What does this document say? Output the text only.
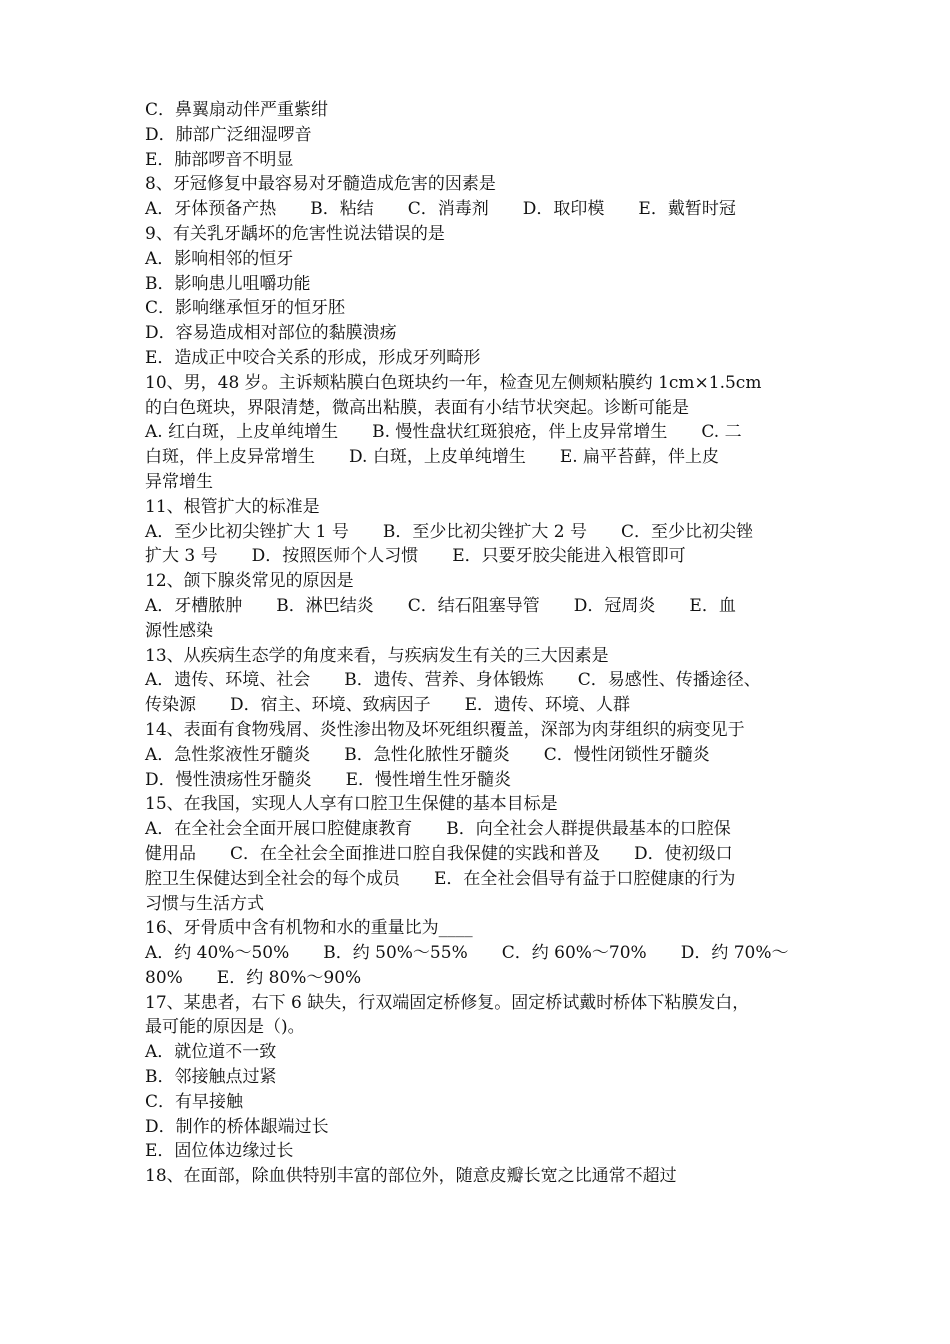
C．鼻翼扇动伴严重紫绀
D．肺部广泛细湿啰音
E．肺部啰音不明显
8、牙冠修复中最容易对牙髓造成危害的因素是
A．牙体预备产热　　B．粘结　　C．消毒剂　　D．取印模　　E．戴暂时冠
9、有关乳牙龋坏的危害性说法错误的是
A．影响相邻的恒牙
B．影响患儿咀嚼功能
C．影响继承恒牙的恒牙胚
D．容易造成相对部位的黏膜溃疡
E．造成正中咬合关系的形成，形成牙列畸形
10、男，48 岁。主诉颊粘膜白色斑块约一年，检查见左侧颊粘膜约 1cm×1.5cm
的白色斑块，界限清楚，微高出粘膜，表面有小结节状突起。诊断可能是
A. 红白斑，上皮单纯增生　　B. 慢性盘状红斑狼疮，伴上皮异常增生　　C. 二
白斑，伴上皮异常增生　　D. 白斑，上皮单纯增生　　E. 扁平苔藓，伴上皮
异常增生
11、根管扩大的标准是
A．至少比初尖锉扩大 1 号　　B．至少比初尖锉扩大 2 号　　C．至少比初尖锉
扩大 3 号　　D．按照医师个人习惯　　E．只要牙胶尖能进入根管即可
12、颌下腺炎常见的原因是
A．牙槽脓肿　　B．淋巴结炎　　C．结石阻塞导管　　D．冠周炎　　E．血
源性感染
13、从疾病生态学的角度来看，与疾病发生有关的三大因素是
A．遗传、环境、社会　　B．遗传、营养、身体锻炼　　C．易感性、传播途径、
传染源　　D．宿主、环境、致病因子　　E．遗传、环境、人群
14、表面有食物残屑、炎性渗出物及坏死组织覆盖，深部为肉芽组织的病变见于
A．急性浆液性牙髓炎　　B．急性化脓性牙髓炎　　C．慢性闭锁性牙髓炎
D．慢性溃疡性牙髓炎　　E．慢性增生性牙髓炎
15、在我国，实现人人享有口腔卫生保健的基本目标是
A．在全社会全面开展口腔健康教育　　B．向全社会人群提供最基本的口腔保
健用品　　C．在全社会全面推进口腔自我保健的实践和普及　　D．使初级口
腔卫生保健达到全社会的每个成员　　E．在全社会倡导有益于口腔健康的行为
习惯与生活方式
16、牙骨质中含有机物和水的重量比为____
A．约 40%～50%　　B．约 50%～55%　　C．约 60%～70%　　D．约 70%～
80%　　E．约 80%～90%
17、某患者，右下 6 缺失，行双端固定桥修复。固定桥试戴时桥体下粘膜发白，
最可能的原因是（)。
A．就位道不一致
B．邻接触点过紧
C．有早接触
D．制作的桥体龈端过长
E．固位体边缘过长
18、在面部，除血供特别丰富的部位外，随意皮瓣长宽之比通常不超过
